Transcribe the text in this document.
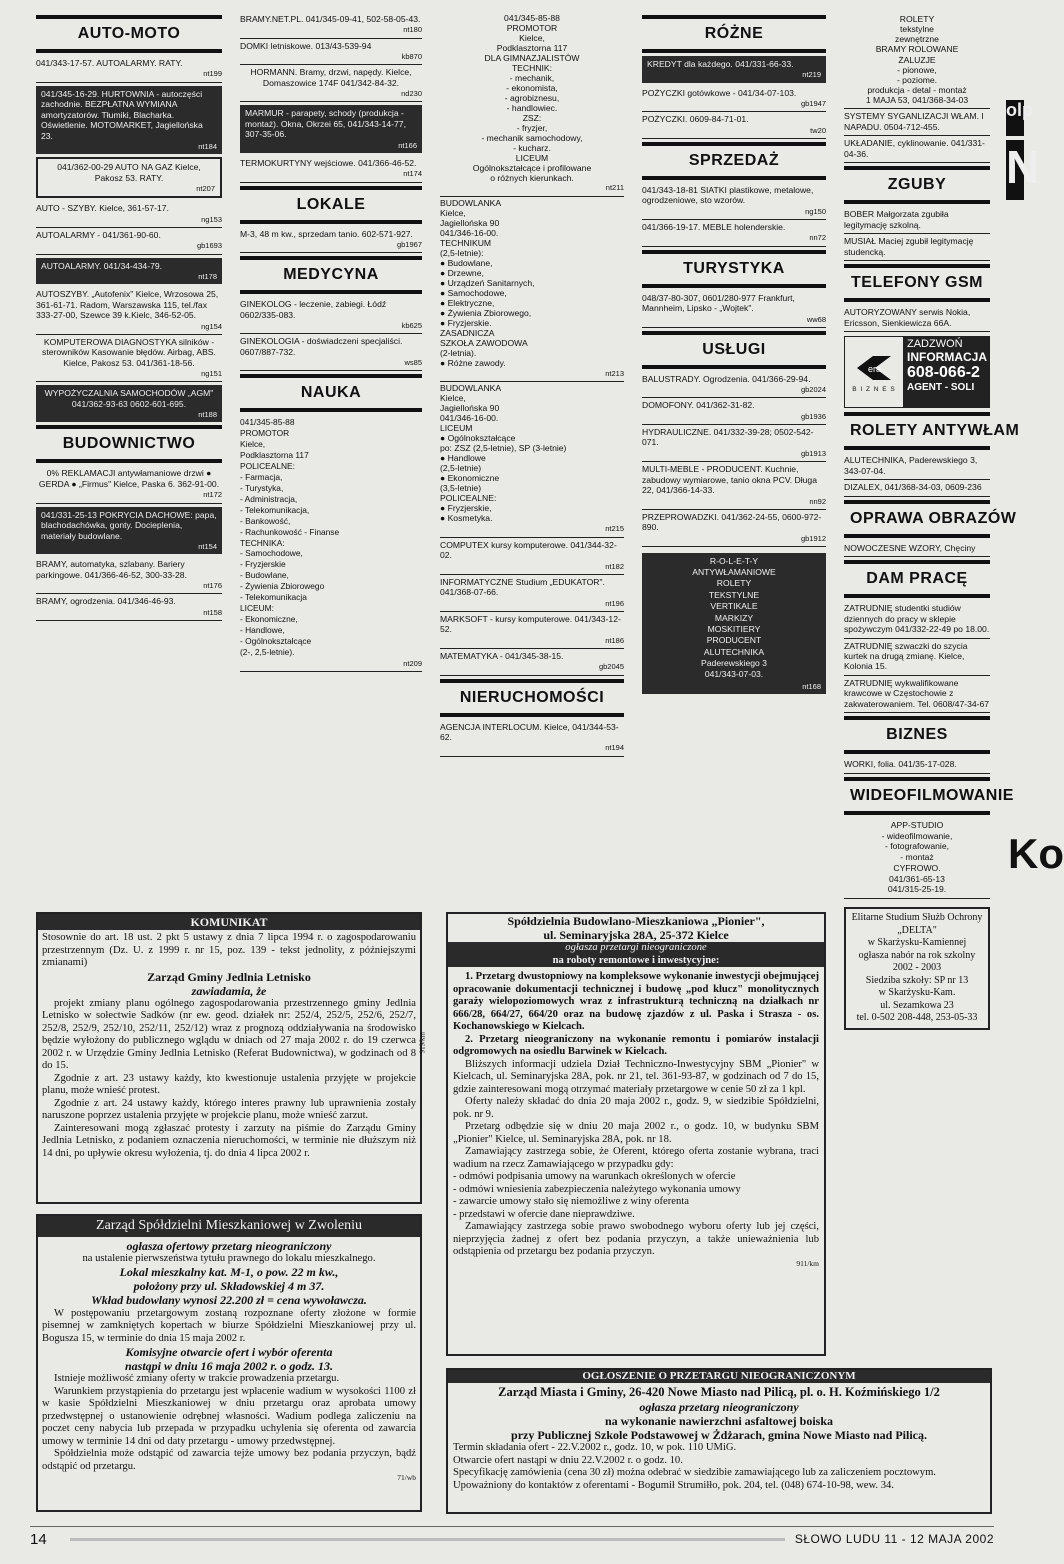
AUTO-MOTO
041/343-17-57. AUTOALARMY. RATY.
nt199
041/345-16-29. HURTOWNIA - autoczęści zachodnie. BEZPŁATNA WYMIANA amortyzatorów. Tłumiki, Blacharka. Oświetlenie. MOTOMARKET, Jagiellońska 23.
nt184
041/362-00-29 AUTO NA GAZ Kielce, Pakosz 53. RATY.
nt207
AUTO - SZYBY. Kielce, 361-57-17.
ng153
AUTOALARMY - 041/361-90-60.
gb1693
AUTOALARMY. 041/34-434-79.
nt178
AUTOSZYBY. „Autofenix" Kielce, Wrzosowa 25, 361-61-71. Radom, Warszawska 115, tel./fax 333-27-00, Szewce 39 k.Kielc, 346-52-05.
ng154
KOMPUTEROWA DIAGNOSTYKA silników - sterowników Kasowanie błędów. Airbag, ABS. Kielce, Pakosz 53. 041/361-18-56.
ng151
WYPOŻYCZALNIA SAMOCHODÓW „AGM" 041/362-93-63 0602-601-695.
nt188
BUDOWNICTWO
0% REKLAMACJI antywłamaniowe drzwi ● GERDA ● „Firmus" Kielce, Paska 6. 362-91-00.
nt172
041/331-25-13 POKRYCIA DACHOWE: papa, blachodachówka, gonty. Docieplenia, materiały budowlane.
nt154
BRAMY, automatyka, szlabany. Bariery parkingowe. 041/366-46-52, 300-33-28.
nt176
BRAMY, ogrodzenia. 041/346-46-93.
nt158
BRAMY.NET.PL. 041/345-09-41, 502-58-05-43.
nt180
DOMKI letniskowe. 013/43-539-94
kb870
HORMANN. Bramy, drzwi, napędy. Kielce, Domaszowice 174F 041/342-84-32.
nd230
MARMUR - parapety, schody (produkcja - montaż). Okna, Okrzei 65, 041/343-14-77, 307-35-06.
nt166
TERMOKURTYNY wejściowe. 041/366-46-52.
nt174
LOKALE
M-3, 48 m kw., sprzedam tanio. 602-571-927.
gb1967
MEDYCYNA
GINEKOLOG - leczenie, zabiegi. Łódź 0602/335-083.
kb625
GINEKOLOGIA - doświadczeni specjaliści. 0607/887-732.
ws85
NAUKA
041/345-85-88
PROMOTOR
Kielce,
Podklasztorna 117
POLICEALNE:
- Farmacja,
- Turystyka,
- Administracja,
- Telekomunikacja,
- Bankowość,
- Rachunkowość - Finanse
TECHNIKA:
- Samochodowe,
- Fryzjerskie
- Budowlane,
- Żywienia Zbiorowego
- Telekomunikacja
LICEUM:
- Ekonomiczne,
- Handlowe,
- Ogólnokształcące
(2-, 2,5-letnie).
nt209
041/345-85-88
PROMOTOR
Kielce,
Podklasztorna 117
DLA GIMNAZJALISTÓW
TECHNIK:
- mechanik,
- ekonomista,
- agrobiznesu,
- handlowiec.
ZSZ:
- fryzjer,
- mechanik samochodowy,
- kucharz.
LICEUM
Ogólnokształcące i profilowane
o różnych kierunkach.
nt211
BUDOWLANKA
Kielce,
Jagiellońska 90
041/346-16-00.
TECHNIKUM
(2,5-letnie):
● Budowlane,
● Drzewne,
● Urządzeń Sanitarnych,
● Samochodowe,
● Elektryczne,
● Żywienia Zbiorowego,
● Fryzjerskie.
ZASADNICZA
SZKOŁA ZAWODOWA
(2-letnia).
● Różne zawody.
nt213
BUDOWLANKA
Kielce,
Jagiellońska 90
041/346-16-00.
LICEUM
● Ogólnokształcące
po: ZSZ (2,5-letnie), SP (3-letnie)
● Handlowe
(2,5-letnie)
● Ekonomiczne
(3,5-letnie)
POLICEALNE:
● Fryzjerskie,
● Kosmetyka.
nt215
COMPUTEX kursy komputerowe. 041/344-32-02.
nt182
INFORMATYCZNE Studium „EDUKATOR". 041/368-07-66.
nt196
MARKSOFT - kursy komputerowe. 041/343-12-52.
nt186
MATEMATYKA - 041/345-38-15.
gb2045
NIERUCHOMOŚCI
AGENCJA INTERLOCUM. Kielce, 041/344-53-62.
nt194
RÓŻNE
KREDYT dla każdego. 041/331-66-33.
nt219
POŻYCZKI gotówkowe - 041/34-07-103.
gb1947
POŻYCZKI. 0609-84-71-01.
tw20
SPRZEDAŻ
041/343-18-81 SIATKI plastikowe, metalowe, ogrodzeniowe, sto wzorów.
ng150
041/366-19-17. MEBLE holenderskie.
nn72
TURYSTYKA
048/37-80-307, 0601/280-977 Frankfurt, Mannheim, Lipsko - „Wojtek".
ww68
USŁUGI
BALUSTRADY. Ogrodzenia. 041/366-29-94.
gb2024
DOMOFONY. 041/362-31-82.
gb1936
HYDRAULICZNE. 041/332-39-28; 0502-542-071.
gb1913
MULTI-MEBLE - PRODUCENT. Kuchnie, zabudowy wymiarowe, tanio okna PCV. Długa 22, 041/366-14-33.
nn92
PRZEPROWADZKI. 041/362-24-55, 0600-972-890.
gb1912
R-O-L-E-T-Y
ANTYWŁAMANIOWE
ROLETY
TEKSTYLNE
VERTIKALE
MARKIZY
MOSKITIERY
PRODUCENT
ALUTECHNIKA
Paderewskiego 3
041/343-07-03.
nt168
ROLETY
tekstylne
zewnętrzne
BRAMY ROLOWANE
ŻALUZJE
- pionowe,
- poziome.
produkcja - detal - montaż
1 MAJA 53, 041/368-34-03
SYSTEMY SYGANLIZACJI WŁAM. I NAPADU. 0504-712-455.
UKŁADANIE, cyklinowanie. 041/331-04-36.
ZGUBY
BOBER Małgorzata zgubiła legitymację szkolną.
MUSIAŁ Maciej zgubił legitymację studencką.
TELEFONY GSM
AUTORYZOWANY serwis Nokia, Ericsson, Sienkiewicza 66A.
era
B I Z N E S
ZADZWOŃ
INFORMACJA
608-066-2
AGENT - SOLI
ROLETY ANTYWŁAM
ALUTECHNIKA, Paderewskiego 3, 343-07-04.
DIZALEX, 041/368-34-03, 0609-236
OPRAWA OBRAZÓW
NOWOCZESNE WZORY, Chęciny
DAM PRACĘ
ZATRUDNIĘ studentki studiów dziennych do pracy w sklepie spożywczym 041/332-22-49 po 18.00.
ZATRUDNIĘ szwaczki do szycia kurtek na drugą zmianę. Kielce, Kolonia 15.
ZATRUDNIĘ wykwalifikowane krawcowe w Częstochowie z zakwaterowaniem. Tel. 0608/47-34-67
BIZNES
WORKI, folia. 041/35-17-028.
WIDEOFILMOWANIE
APP-STUDIO
- wideofilmowanie,
- fotografowanie,
- montaż
CYFROWO.
041/361-65-13
041/315-25-19.
Elitarne Studium Służb Ochrony
„DELTA"
w Skarżysku-Kamiennej
ogłasza nabór na rok szkolny
2002 - 2003
Siedziba szkoły: SP nr 13
w Skarżysku-Kam.
ul. Sezamkowa 23
tel. 0-502 208-448, 253-05-33
olp
N
Ko
KOMUNIKAT

Stosownie do art. 18 ust. 2 pkt 5 ustawy z dnia 7 lipca 1994 r. o zagospodarowaniu przestrzennym (Dz. U. z 1999 r. nr 15, poz. 139 - tekst jednolity, z późniejszymi zmianami)

Zarząd Gminy Jedlnia Letnisko

zawiadamia, że

projekt zmiany planu ogólnego zagospodarowania przestrzennego gminy Jedlnia Letnisko w sołectwie Sadków (nr ew. geod. działek nr: 252/4, 252/5, 252/6, 252/7, 252/8, 252/9, 252/10, 252/11, 252/12) wraz z prognozą oddziaływania na środowisko będzie wyłożony do publicznego wglądu w dniach od 27 maja 2002 r. do 19 czerwca 2002 r. w Urzędzie Gminy Jedlnia Letnisko (Referat Budownictwa), w godzinach od 8 do 15.

Zgodnie z art. 23 ustawy każdy, kto kwestionuje ustalenia przyjęte w projekcie planu, może wnieść protest.

Zgodnie z art. 24 ustawy każdy, którego interes prawny lub uprawnienia zostały naruszone poprzez ustalenia przyjęte w projekcie planu, może wnieść zarzut.

Zainteresowani mogą zgłaszać protesty i zarzuty na piśmie do Zarządu Gminy Jedlnia Letnisko, z podaniem oznaczenia nieruchomości, w terminie nie dłuższym niż 14 dni, po upływie okresu wyłożenia, tj. do dnia 4 lipca 2002 r.

919/km
Zarząd Spółdzielni Mieszkaniowej w Zwoleniu

ogłasza ofertowy przetarg nieograniczony

na ustalenie pierwszeństwa tytułu prawnego do lokalu mieszkalnego.

Lokal mieszkalny kat. M-1, o pow. 22 m kw.,

położony przy ul. Składowskiej 4 m 37.

Wkład budowlany wynosi 22.200 zł = cena wywoławcza.

W postępowaniu przetargowym zostaną rozpoznane oferty złożone w formie pisemnej w zamkniętych kopertach w biurze Spółdzielni Mieszkaniowej przy ul. Bogusza 15, w terminie do dnia 15 maja 2002 r.

Komisyjne otwarcie ofert i wybór oferenta

nastąpi w dniu 16 maja 2002 r. o godz. 13.

Istnieje możliwość zmiany oferty w trakcie prowadzenia przetargu.

Warunkiem przystąpienia do przetargu jest wpłacenie wadium w wysokości 1100 zł w kasie Spółdzielni Mieszkaniowej w dniu przetargu oraz aprobata umowy przedwstępnej o ustanowienie odrębnej własności. Wadium podlega zaliczeniu na poczet ceny nabycia lub przepada w przypadku uchylenia się oferenta od zawarcia umowy w terminie 14 dni od daty przetargu - umowy przedwstępnej.

Spółdzielnia może odstąpić od zawarcia tejże umowy bez podania przyczyn, bądź odstąpić od przetargu.

71/wb
Spółdzielnia Budowlano-Mieszkaniowa „Pionier",
ul. Seminaryjska 28A, 25-372 Kielce
ogłasza przetargi nieograniczone
na roboty remontowe i inwestycyjne:

1. Przetarg dwustopniowy na kompleksowe wykonanie inwestycji obejmującej opracowanie dokumentacji technicznej i budowę „pod klucz" monolitycznych garaży wielopoziomowych wraz z infrastrukturą techniczną na działkach nr 666/28, 664/27, 664/20 oraz na budowę zjazdów z ul. Paska i Strasza - os. Kochanowskiego w Kielcach.

2. Przetarg nieograniczony na wykonanie remontu i pomiarów instalacji odgromowych na osiedlu Barwinek w Kielcach.

Bliższych informacji udziela Dział Techniczno-Inwestycyjny SBM „Pionier" w Kielcach, ul. Seminaryjska 28A, pok. nr 21, tel. 361-93-87, w godzinach od 7 do 15, gdzie zainteresowani mogą otrzymać materiały przetargowe w cenie 50 zł za 1 kpl.

Oferty należy składać do dnia 20 maja 2002 r., godz. 9, w siedzibie Spółdzielni, pok. nr 9.

Przetarg odbędzie się w dniu 20 maja 2002 r., o godz. 10, w budynku SBM „Pionier" Kielce, ul. Seminaryjska 28A, pok. nr 18.

Zamawiający zastrzega sobie, że Oferent, którego oferta zostanie wybrana, traci wadium na rzecz Zamawiającego w przypadku gdy:

- odmówi podpisania umowy na warunkach określonych w ofercie
- odmówi wniesienia zabezpieczenia należytego wykonania umowy
- zawarcie umowy stało się niemożliwe z winy oferenta
- przedstawi w ofercie dane nieprawdziwe.

Zamawiający zastrzega sobie prawo swobodnego wyboru oferty lub jej części, nieprzyjęcia żadnej z ofert bez podania przyczyn, a także unieważnienia lub odstąpienia od przetargu bez podania przyczyn.

911/km
OGŁOSZENIE O PRZETARGU NIEOGRANICZONYM

Zarząd Miasta i Gminy, 26-420 Nowe Miasto nad Pilicą, pl. o. H. Koźmińskiego 1/2

ogłasza przetarg nieograniczony

na wykonanie nawierzchni asfaltowej boiska

przy Publicznej Szkole Podstawowej w Żdżarach, gmina Nowe Miasto nad Pilicą.

Termin składania ofert - 22.V.2002 r., godz. 10, w pok. 110 UMiG.

Otwarcie ofert nastąpi w dniu 22.V.2002 r. o godz. 10.

Specyfikację zamówienia (cena 30 zł) można odebrać w siedzibie zamawiającego lub za zaliczeniem pocztowym.

Upoważniony do kontaktów z oferentami - Bogumił Strumiłło, pok. 204, tel. (048) 674-10-98, wew. 34.

14	SŁOWO LUDU 11 - 12 MAJA 2002
